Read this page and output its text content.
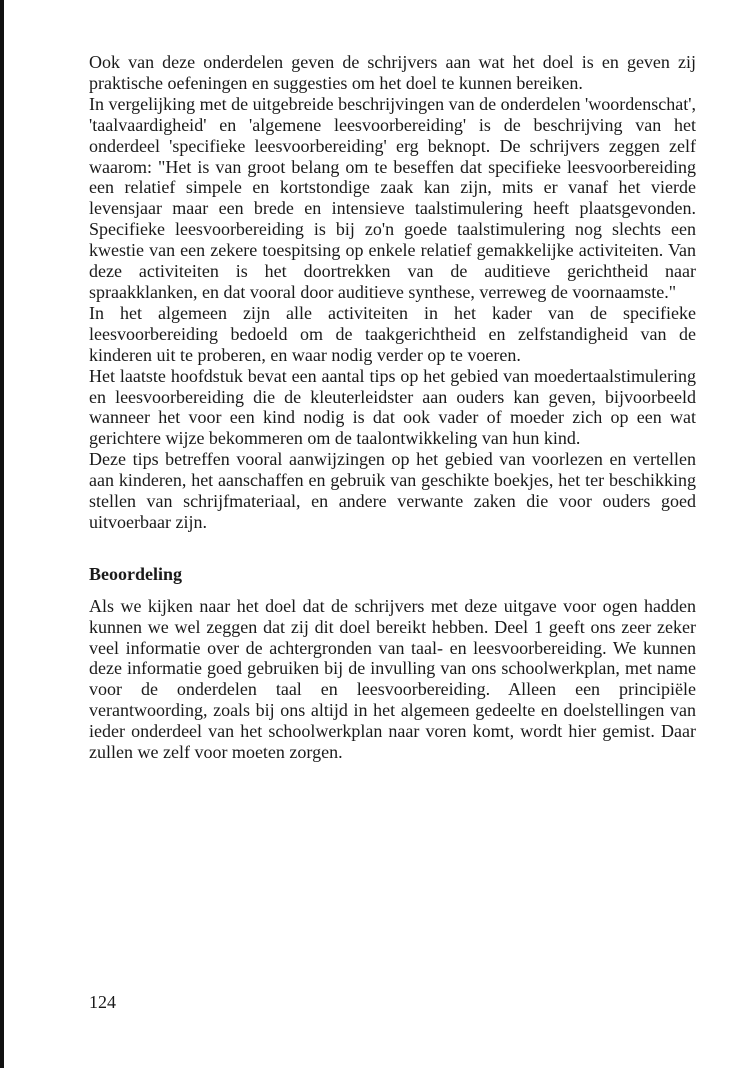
Ook van deze onderdelen geven de schrijvers aan wat het doel is en geven zij praktische oefeningen en suggesties om het doel te kunnen bereiken.

In vergelijking met de uitgebreide beschrijvingen van de onderdelen 'woordenschat', 'taalvaardigheid' en 'algemene leesvoorbereiding' is de beschrijving van het onderdeel 'specifieke leesvoorbereiding' erg beknopt. De schrijvers zeggen zelf waarom: "Het is van groot belang om te beseffen dat specifieke leesvoorbereiding een relatief simpele en kortstondige zaak kan zijn, mits er vanaf het vierde levensjaar maar een brede en intensieve taalstimulering heeft plaatsgevonden. Specifieke leesvoorbereiding is bij zo'n goede taalstimulering nog slechts een kwestie van een zekere toespitsing op enkele relatief gemakkelijke activiteiten. Van deze activiteiten is het doortrekken van de auditieve gerichtheid naar spraakklanken, en dat vooral door auditieve synthese, verreweg de voornaamste."

In het algemeen zijn alle activiteiten in het kader van de specifieke leesvoorbereiding bedoeld om de taakgerichtheid en zelfstandigheid van de kinderen uit te proberen, en waar nodig verder op te voeren.

Het laatste hoofdstuk bevat een aantal tips op het gebied van moedertaalstimulering en leesvoorbereiding die de kleuterleidster aan ouders kan geven, bijvoorbeeld wanneer het voor een kind nodig is dat ook vader of moeder zich op een wat gerichtere wijze bekommeren om de taalontwikkeling van hun kind.

Deze tips betreffen vooral aanwijzingen op het gebied van voorlezen en vertellen aan kinderen, het aanschaffen en gebruik van geschikte boekjes, het ter beschikking stellen van schrijfmateriaal, en andere verwante zaken die voor ouders goed uitvoerbaar zijn.

Beoordeling

Als we kijken naar het doel dat de schrijvers met deze uitgave voor ogen hadden kunnen we wel zeggen dat zij dit doel bereikt hebben. Deel 1 geeft ons zeer zeker veel informatie over de achtergronden van taal- en leesvoorbereiding. We kunnen deze informatie goed gebruiken bij de invulling van ons schoolwerkplan, met name voor de onderdelen taal en leesvoorbereiding. Alleen een principiële verantwoording, zoals bij ons altijd in het algemeen gedeelte en doelstellingen van ieder onderdeel van het schoolwerkplan naar voren komt, wordt hier gemist. Daar zullen we zelf voor moeten zorgen.

124
